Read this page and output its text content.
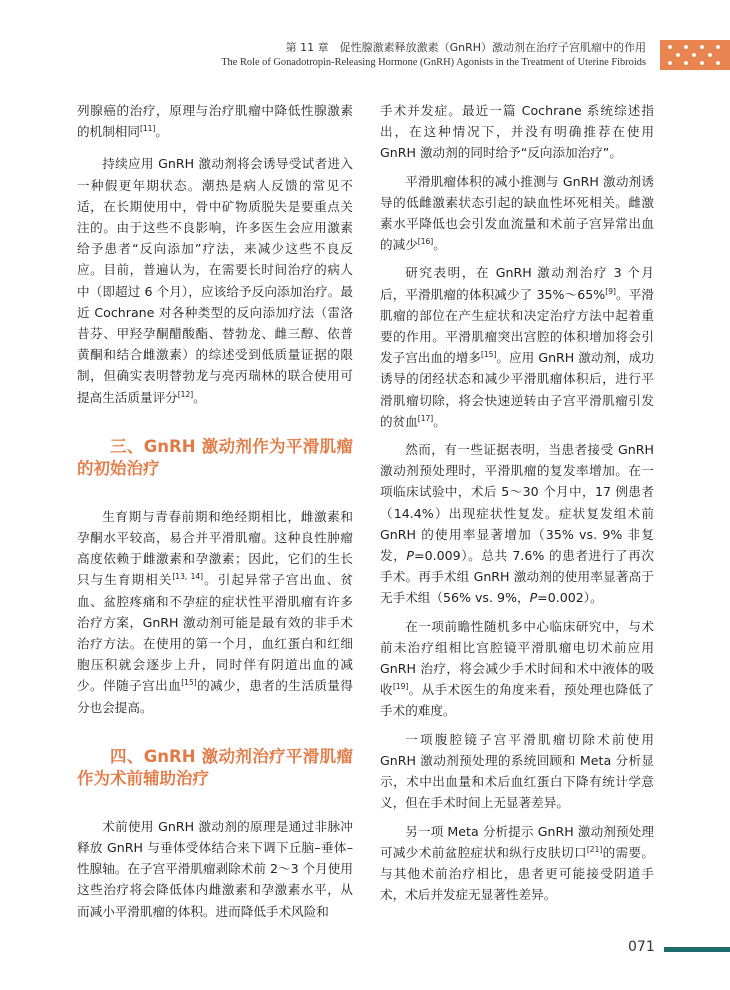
第 11 章　促性腺激素释放激素（GnRH）激动剂在治疗子宫肌瘤中的作用
The Role of Gonadotropin-Releasing Hormone (GnRH) Agonists in the Treatment of Uterine Fibroids

列腺癌的治疗，原理与治疗肌瘤中降低性腺激素的机制相同[11]。

持续应用 GnRH 激动剂将会诱导受试者进入一种假更年期状态。潮热是病人反馈的常见不适，在长期使用中，骨中矿物质脱失是要重点关注的。由于这些不良影响，许多医生会应用激素给予患者“反向添加”疗法，来减少这些不良反应。目前，普遍认为，在需要长时间治疗的病人中（即超过 6 个月），应该给予反向添加治疗。最近 Cochrane 对各种类型的反向添加疗法（雷洛昔芬、甲羟孕酮醋酸酯、替勃龙、雌三醇、依普黄酮和结合雌激素）的综述受到低质量证据的限制，但确实表明替勃龙与亮丙瑞林的联合使用可提高生活质量评分[12]。

三、GnRH 激动剂作为平滑肌瘤的初始治疗

生育期与青春前期和绝经期相比，雌激素和孕酮水平较高，易合并平滑肌瘤。这种良性肿瘤高度依赖于雌激素和孕激素；因此，它们的生长只与生育期相关[13, 14]。引起异常子宫出血、贫血、盆腔疼痛和不孕症的症状性平滑肌瘤有许多治疗方案，GnRH 激动剂可能是最有效的非手术治疗方法。在使用的第一个月，血红蛋白和红细胞压积就会逐步上升，同时伴有阴道出血的减少。伴随子宫出血[15]的减少，患者的生活质量得分也会提高。

四、GnRH 激动剂治疗平滑肌瘤作为术前辅助治疗

术前使用 GnRH 激动剂的原理是通过非脉冲释放 GnRH 与垂体受体结合来下调下丘脑–垂体–性腺轴。在子宫平滑肌瘤剥除术前 2～3 个月使用这些治疗将会降低体内雌激素和孕激素水平，从而减小平滑肌瘤的体积。进而降低手术风险和

手术并发症。最近一篇 Cochrane 系统综述指出，在这种情况下，并没有明确推荐在使用 GnRH 激动剂的同时给予“反向添加治疗”。

平滑肌瘤体积的减小推测与 GnRH 激动剂诱导的低雌激素状态引起的缺血性坏死相关。雌激素水平降低也会引发血流量和术前子宫异常出血的减少[16]。

研究表明，在 GnRH 激动剂治疗 3 个月后，平滑肌瘤的体积减少了 35%～65%[9]。平滑肌瘤的部位在产生症状和决定治疗方法中起着重要的作用。平滑肌瘤突出宫腔的体积增加将会引发子宫出血的增多[15]。应用 GnRH 激动剂，成功诱导的闭经状态和减少平滑肌瘤体积后，进行平滑肌瘤切除，将会快速逆转由子宫平滑肌瘤引发的贫血[17]。

然而，有一些证据表明，当患者接受 GnRH 激动剂预处理时，平滑肌瘤的复发率增加。在一项临床试验中，术后 5～30 个月中，17 例患者（14.4%）出现症状性复发。症状复发组术前 GnRH 的使用率显著增加（35% vs. 9% 非复发，P=0.009）。总共 7.6% 的患者进行了再次手术。再手术组 GnRH 激动剂的使用率显著高于无手术组（56% vs. 9%，P=0.002）。

在一项前瞻性随机多中心临床研究中，与术前未治疗组相比宫腔镜平滑肌瘤电切术前应用 GnRH 治疗，将会减少手术时间和术中液体的吸收[19]。从手术医生的角度来看，预处理也降低了手术的难度。

一项腹腔镜子宫平滑肌瘤切除术前使用 GnRH 激动剂预处理的系统回顾和 Meta 分析显示，术中出血量和术后血红蛋白下降有统计学意义，但在手术时间上无显著差异。

另一项 Meta 分析提示 GnRH 激动剂预处理可减少术前盆腔症状和纵行皮肤切口[21]的需要。与其他术前治疗相比，患者更可能接受阴道手术，术后并发症无显著性差异。

071
